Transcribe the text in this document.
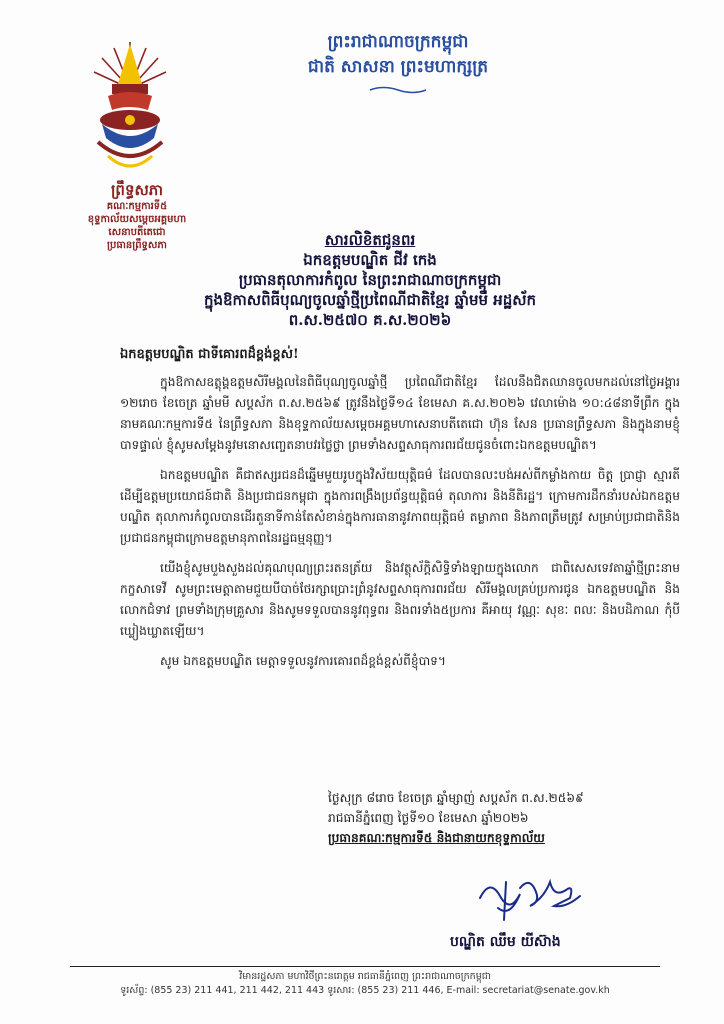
ព្រះរាជាណាចក្រកម្ពុជា
ជាតិ សាសនា ព្រះមហាក្សត្រ
ព្រឹទ្ធសភា
គណៈកម្មការទី៥
ខុទ្ទកាល័យសម្តេចអគ្គមហាសេនាបតីតេជោ
ប្រធានព្រឹទ្ធសភា	សារលិខិតជូនពរ
ឯកឧត្តមបណ្ឌិត ជីវ កេង
ប្រធានតុលាការកំពូល នៃព្រះរាជាណាចក្រកម្ពុជា
ក្នុងឱកាសពិធីបុណ្យចូលឆ្នាំថ្មីប្រពៃណីជាតិខ្មែរ ឆ្នាំមមី អដ្ឋស័ក
ព.ស.២៥៧០ គ.ស.២០២៦
ឯកឧត្តមបណ្ឌិត ជាទីគោរពដ៏ខ្ពង់ខ្ពស់!

ក្នុងឱកាសឧត្តុង្គឧត្តមសិរីមង្គលនៃពិធីបុណ្យចូលឆ្នាំថ្មី ប្រពៃណីជាតិខ្មែរ ដែលនឹងជិតឈានចូលមកដល់នៅថ្ងៃអង្គារ ១២រោច ខែចេត្រ ឆ្នាំមមី សប្តស័ក ព.ស.២៥៦៩ ត្រូវនឹងថ្ងៃទី១៤ ខែមេសា គ.ស.២០២៦ វេលាម៉ោង ១០:៤៨នាទីព្រឹក ក្នុងនាមគណៈកម្មការទី៥ នៃព្រឹទ្ធសភា និងខុទ្ទកាល័យសម្តេចអគ្គមហាសេនាបតីតេជោ ហ៊ុន សែន ប្រធានព្រឹទ្ធសភា និងក្នុងនាមខ្ញុំបាទផ្ទាល់ ខ្ញុំសូមសម្តែងនូវមនោសញ្ចេតនាបវរថ្លៃថ្លា ព្រមទាំងសព្ទសាធុការពរជ័យជូនចំពោះឯកឧត្តមបណ្ឌិត។

ឯកឧត្តមបណ្ឌិត គឺជាឥស្សរជនដ៏ឆ្នើមមួយរូបក្នុងវិស័យយុត្តិធម៌ ដែលបានលះបង់អស់ពីកម្លាំងកាយ ចិត្ត ប្រាជ្ញា ស្មារតី ដើម្បីឧត្តមប្រយោជន៍ជាតិ និងប្រជាជនកម្ពុជា ក្នុងការពង្រឹងប្រព័ន្ធយុត្តិធម៌ តុលាការ និងនីតិរដ្ឋ។ ក្រោមការដឹកនាំរបស់ឯកឧត្តមបណ្ឌិត តុលាការកំពូលបានដើរតួនាទីកាន់តែសំខាន់ក្នុងការធានានូវភាពយុត្តិធម៌ តម្លាភាព និងភាពត្រឹមត្រូវ សម្រាប់ប្រជាជាតិនិងប្រជាជនកម្ពុជាក្រោមឧត្តមានុភាពនៃរដ្ឋធម្មនុញ្ញ។

យើងខ្ញុំសូមបួងសួងដល់គុណបុណ្យព្រះរតនត្រ័យ និងវត្ថុស័ក្តិសិទ្ធិទាំងឡាយក្នុងលោក ជាពិសេសទេវតាឆ្នាំថ្មីព្រះនាម កក្ខសាទេវី សូមព្រះមេត្តាតាមជួយបីបាច់ថែរក្សាប្រោះព្រំនូវសព្ទសាធុការពរជ័យ សិរីមង្គលគ្រប់ប្រការជូន ឯកឧត្តមបណ្ឌិត និងលោកជំទាវ ព្រមទាំងក្រុមគ្រួសារ និងសូមទទួលបាននូវពុទ្ធពរ និងពរទាំង៥ប្រការ គឺអាយុ វណ្ណៈ សុខៈ ពលៈ និងបដិភាណ កុំបីឃ្លៀងឃ្លាតឡើយ។

សូម ឯកឧត្តមបណ្ឌិត មេត្តាទទួលនូវការគោរពដ៏ខ្ពង់ខ្ពស់ពីខ្ញុំបាទ។

ថ្ងៃសុក្រ ៨រោច ខែចេត្រ ឆ្នាំម្សាញ់ សប្តស័ក ព.ស.២៥៦៩
រាជធានីភ្នំពេញ ថ្ងៃទី១០ ខែមេសា ឆ្នាំ២០២៦
ប្រធានគណៈកម្មការទី៥ និងជានាយកខុទ្ទកាល័យ
បណ្ឌិត ឈឹម យីស៊ាង
វិមានរដ្ឋសភា មហាវិថីព្រះនរោត្តម រាជធានីភ្នំពេញ ព្រះរាជាណាចក្រកម្ពុជា
ទូរស័ព្ទ: (855 23) 211 441, 211 442, 211 443 ទូរសារ: (855 23) 211 446, E-mail: secretariat@senate.gov.kh
